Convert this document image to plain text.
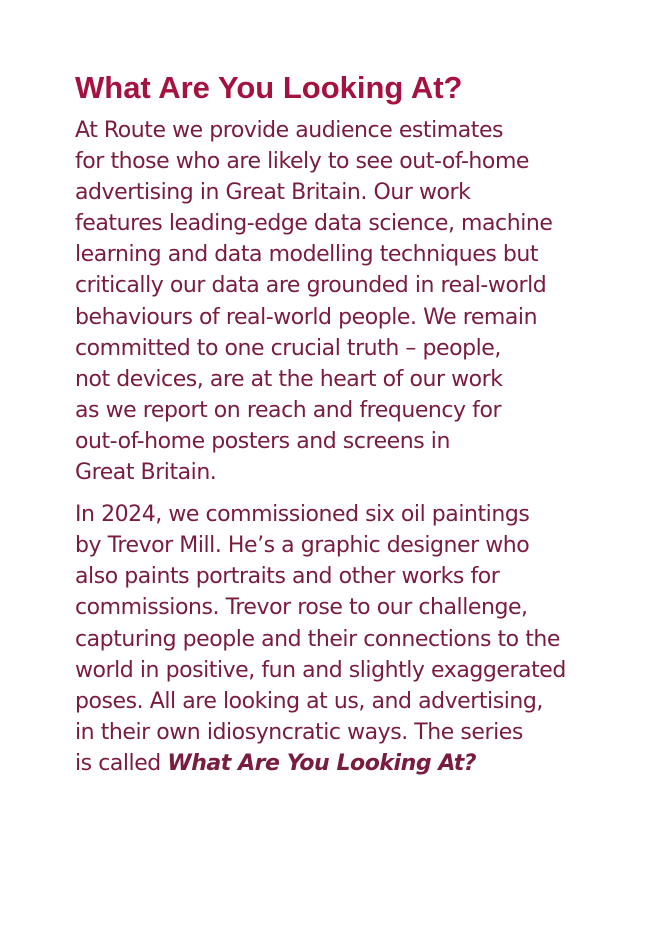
What Are You Looking At?

At Route we provide audience estimates
for those who are likely to see out-of-home
advertising in Great Britain. Our work
features leading-edge data science, machine
learning and data modelling techniques but
critically our data are grounded in real-world
behaviours of real-world people. We remain
committed to one crucial truth – people,
not devices, are at the heart of our work
as we report on reach and frequency for
out-of-home posters and screens in
Great Britain.

In 2024, we commissioned six oil paintings
by Trevor Mill. He’s a graphic designer who
also paints portraits and other works for
commissions. Trevor rose to our challenge,
capturing people and their connections to the
world in positive, fun and slightly exaggerated
poses. All are looking at us, and advertising,
in their own idiosyncratic ways. The series
is called What Are You Looking At?
